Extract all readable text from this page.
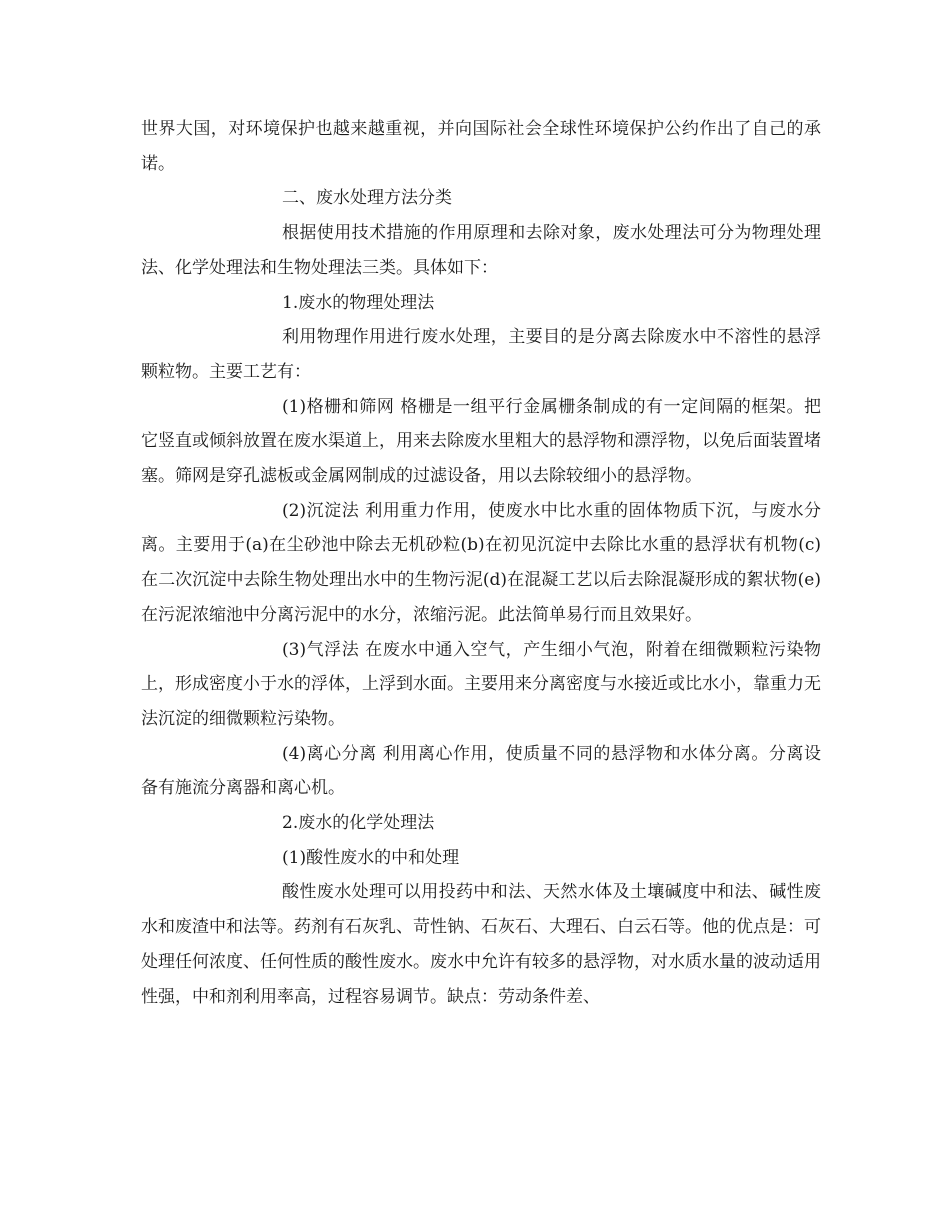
世界大国，对环境保护也越来越重视，并向国际社会全球性环境保护公约作出了自己的承诺。

二、废水处理方法分类

根据使用技术措施的作用原理和去除对象，废水处理法可分为物理处理法、化学处理法和生物处理法三类。具体如下：

1.废水的物理处理法

利用物理作用进行废水处理，主要目的是分离去除废水中不溶性的悬浮颗粒物。主要工艺有：

(1)格栅和筛网 格栅是一组平行金属栅条制成的有一定间隔的框架。把它竖直或倾斜放置在废水渠道上，用来去除废水里粗大的悬浮物和漂浮物，以免后面装置堵塞。筛网是穿孔滤板或金属网制成的过滤设备，用以去除较细小的悬浮物。

(2)沉淀法 利用重力作用，使废水中比水重的固体物质下沉，与废水分离。主要用于(a)在尘砂池中除去无机砂粒(b)在初见沉淀中去除比水重的悬浮状有机物(c)在二次沉淀中去除生物处理出水中的生物污泥(d)在混凝工艺以后去除混凝形成的絮状物(e)在污泥浓缩池中分离污泥中的水分，浓缩污泥。此法简单易行而且效果好。

(3)气浮法 在废水中通入空气，产生细小气泡，附着在细微颗粒污染物上，形成密度小于水的浮体，上浮到水面。主要用来分离密度与水接近或比水小，靠重力无法沉淀的细微颗粒污染物。

(4)离心分离 利用离心作用，使质量不同的悬浮物和水体分离。分离设备有施流分离器和离心机。

2.废水的化学处理法

(1)酸性废水的中和处理

酸性废水处理可以用投药中和法、天然水体及土壤碱度中和法、碱性废水和废渣中和法等。药剂有石灰乳、苛性钠、石灰石、大理石、白云石等。他的优点是：可处理任何浓度、任何性质的酸性废水。废水中允许有较多的悬浮物，对水质水量的波动适用性强，中和剂利用率高，过程容易调节。缺点：劳动条件差、
